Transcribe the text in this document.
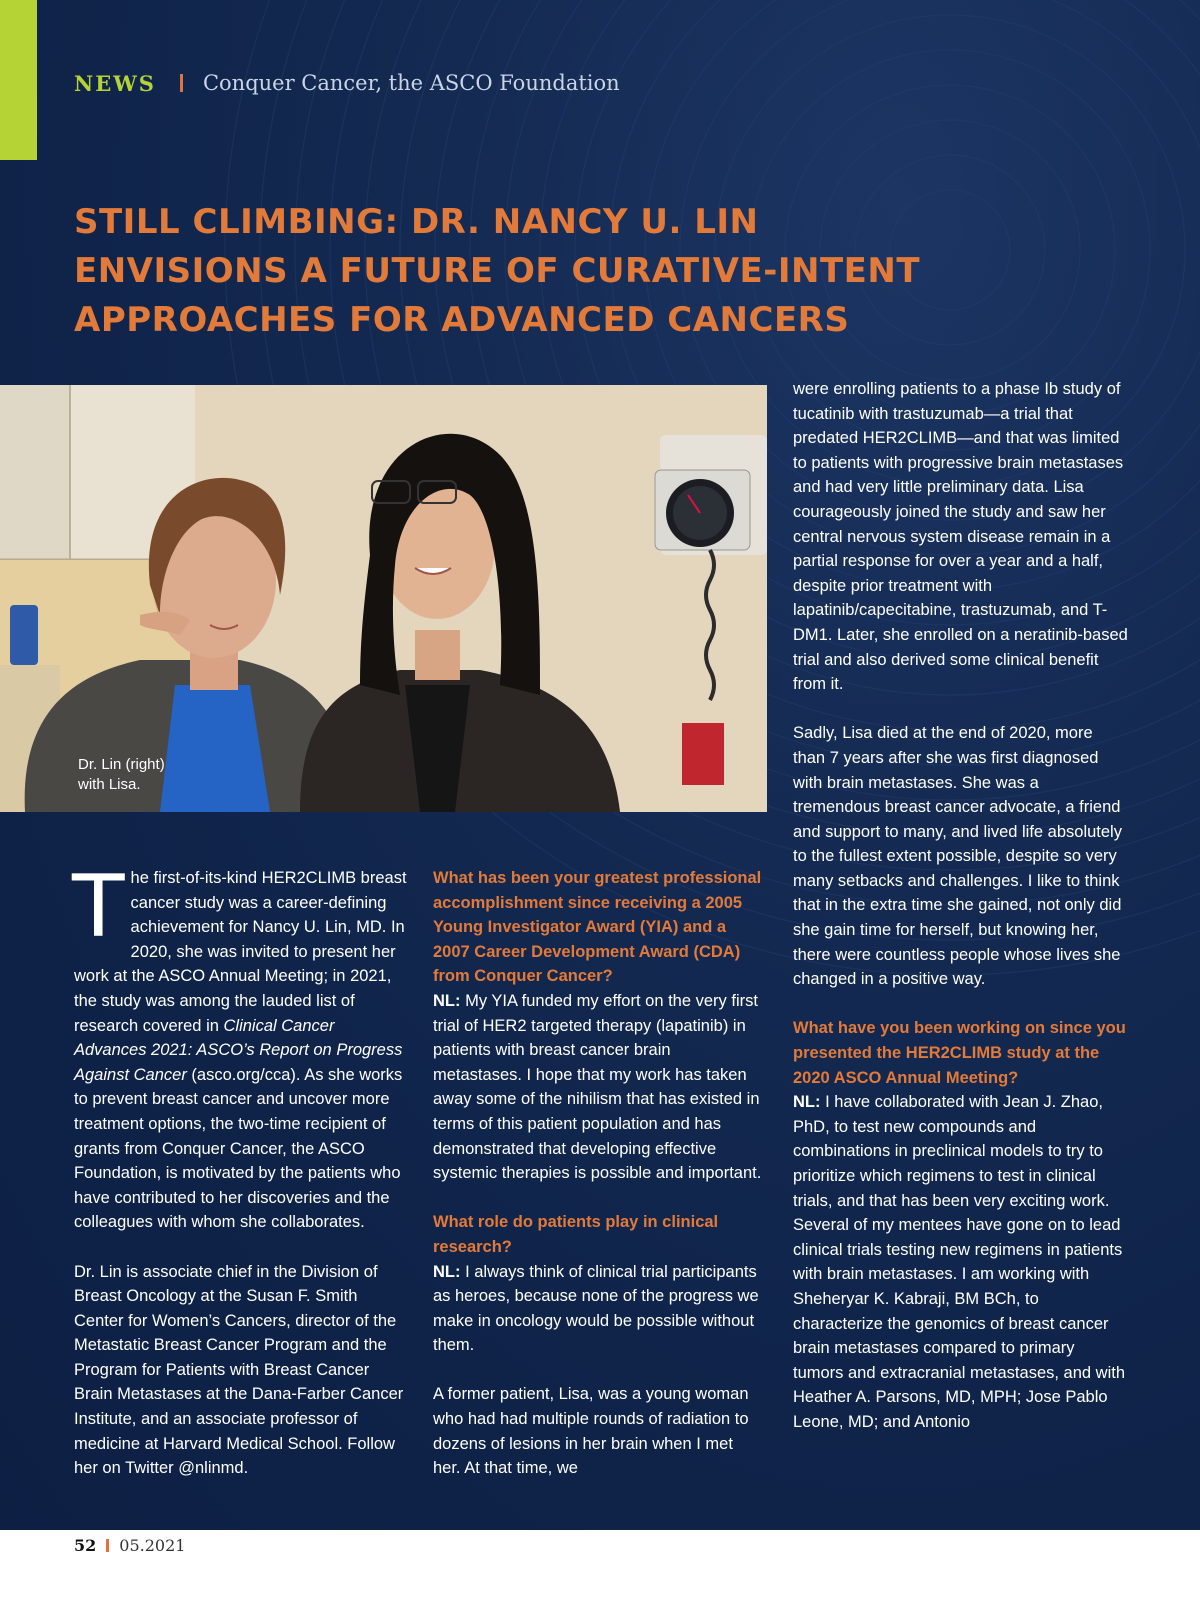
NEWS Conquer Cancer, the ASCO Foundation
STILL CLIMBING: DR. NANCY U. LIN
ENVISIONS A FUTURE OF CURATIVE-INTENT
APPROACHES FOR ADVANCED CANCERS
Dr. Lin (right)
with Lisa.

The first-of-its-kind HER2CLIMB breast cancer study was a career-defining achievement for Nancy U. Lin, MD. In 2020, she was invited to present her work at the ASCO Annual Meeting; in 2021, the study was among the lauded list of research covered in Clinical Cancer Advances 2021: ASCO’s Report on Progress Against Cancer (asco.org/cca). As she works to prevent breast cancer and uncover more treatment options, the two-time recipient of grants from Conquer Cancer, the ASCO Foundation, is motivated by the patients who have contributed to her discoveries and the colleagues with whom she collaborates.

Dr. Lin is associate chief in the Division of Breast Oncology at the Susan F. Smith Center for Women’s Cancers, director of the Metastatic Breast Cancer Program and the Program for Patients with Breast Cancer Brain Metastases at the Dana-Farber Cancer Institute, and an associate professor of medicine at Harvard Medical School. Follow her on Twitter @nlinmd.

What has been your greatest professional accomplishment since receiving a 2005 Young Investigator Award (YIA) and a 2007 Career Development Award (CDA) from Conquer Cancer?

NL: My YIA funded my effort on the very first trial of HER2 targeted therapy (lapatinib) in patients with breast cancer brain metastases. I hope that my work has taken away some of the nihilism that has existed in terms of this patient population and has demonstrated that developing effective systemic therapies is possible and important.

What role do patients play in clinical research?

NL: I always think of clinical trial participants as heroes, because none of the progress we make in oncology would be possible without them.

A former patient, Lisa, was a young woman who had had multiple rounds of radiation to dozens of lesions in her brain when I met her. At that time, we

were enrolling patients to a phase Ib study of tucatinib with trastuzumab—a trial that predated HER2CLIMB—and that was limited to patients with progressive brain metastases and had very little preliminary data. Lisa courageously joined the study and saw her central nervous system disease remain in a partial response for over a year and a half, despite prior treatment with lapatinib/capecitabine, trastuzumab, and T-DM1. Later, she enrolled on a neratinib-based trial and also derived some clinical benefit from it.

Sadly, Lisa died at the end of 2020, more than 7 years after she was first diagnosed with brain metastases. She was a tremendous breast cancer advocate, a friend and support to many, and lived life absolutely to the fullest extent possible, despite so very many setbacks and challenges. I like to think that in the extra time she gained, not only did she gain time for herself, but knowing her, there were countless people whose lives she changed in a positive way.

What have you been working on since you presented the HER2CLIMB study at the 2020 ASCO Annual Meeting?

NL: I have collaborated with Jean J. Zhao, PhD, to test new compounds and combinations in preclinical models to try to prioritize which regimens to test in clinical trials, and that has been very exciting work. Several of my mentees have gone on to lead clinical trials testing new regimens in patients with brain metastases. I am working with Sheheryar K. Kabraji, BM BCh, to characterize the genomics of breast cancer brain metastases compared to primary tumors and extracranial metastases, and with Heather A. Parsons, MD, MPH; Jose Pablo Leone, MD; and Antonio

52 05.2021
